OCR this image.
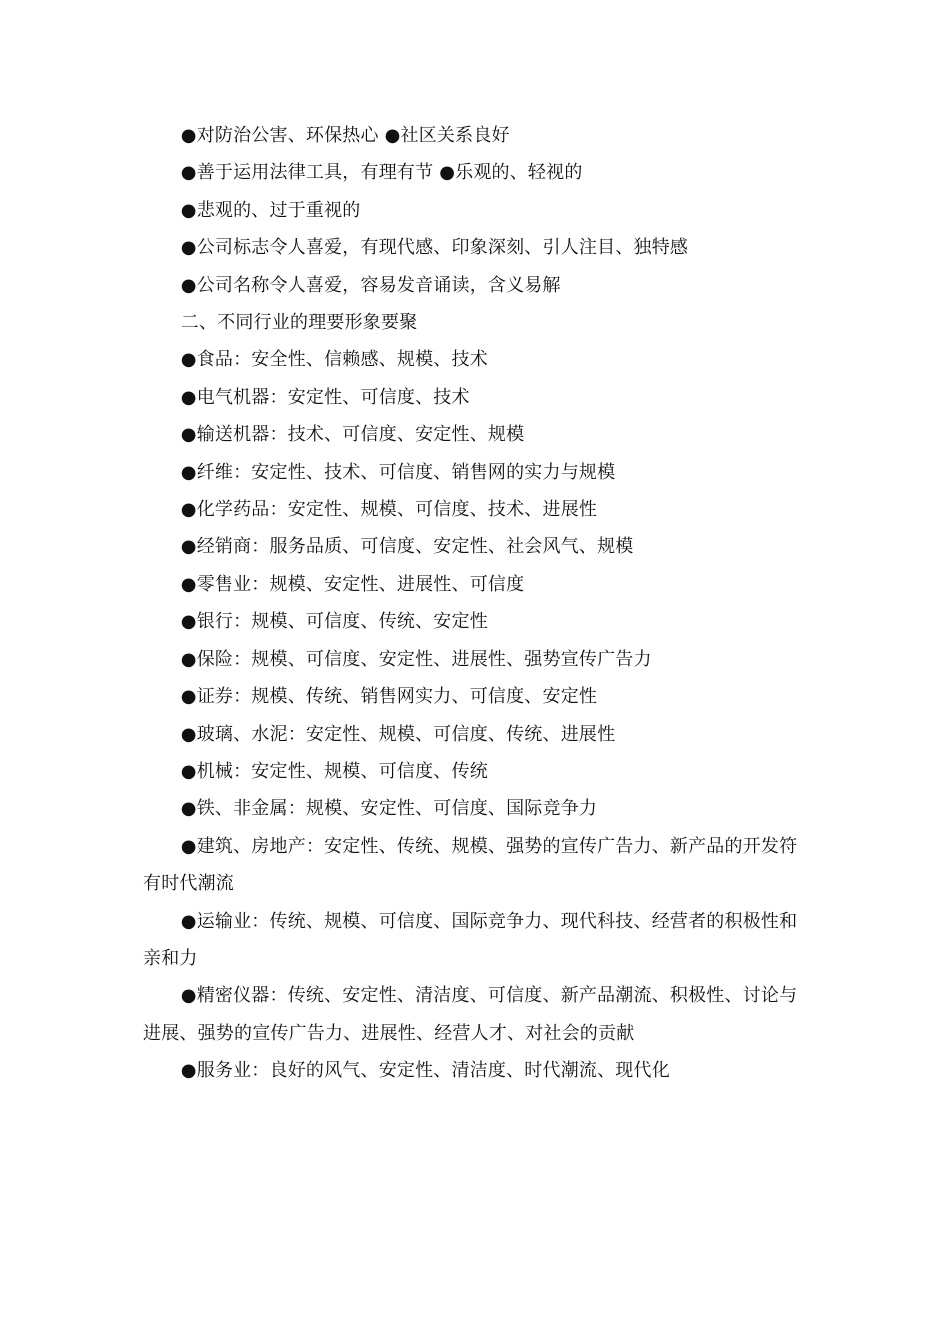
●对防治公害、环保热心 ●社区关系良好

●善于运用法律工具，有理有节 ●乐观的、轻视的

●悲观的、过于重视的

●公司标志令人喜爱，有现代感、印象深刻、引人注目、独特感

●公司名称令人喜爱，容易发音诵读，含义易解

二、不同行业的理要形象要聚

●食品：安全性、信赖感、规模、技术

●电气机器：安定性、可信度、技术

●输送机器：技术、可信度、安定性、规模

●纤维：安定性、技术、可信度、销售网的实力与规模

●化学药品：安定性、规模、可信度、技术、进展性

●经销商：服务品质、可信度、安定性、社会风气、规模

●零售业：规模、安定性、进展性、可信度

●银行：规模、可信度、传统、安定性

●保险：规模、可信度、安定性、进展性、强势宣传广告力

●证券：规模、传统、销售网实力、可信度、安定性

●玻璃、水泥：安定性、规模、可信度、传统、进展性

●机械：安定性、规模、可信度、传统

●铁、非金属：规模、安定性、可信度、国际竞争力

●建筑、房地产：安定性、传统、规模、强势的宣传广告力、新产品的开发符有时代潮流

●运输业：传统、规模、可信度、国际竞争力、现代科技、经营者的积极性和亲和力

●精密仪器：传统、安定性、清洁度、可信度、新产品潮流、积极性、讨论与进展、强势的宣传广告力、进展性、经营人才、对社会的贡献

●服务业：良好的风气、安定性、清洁度、时代潮流、现代化
